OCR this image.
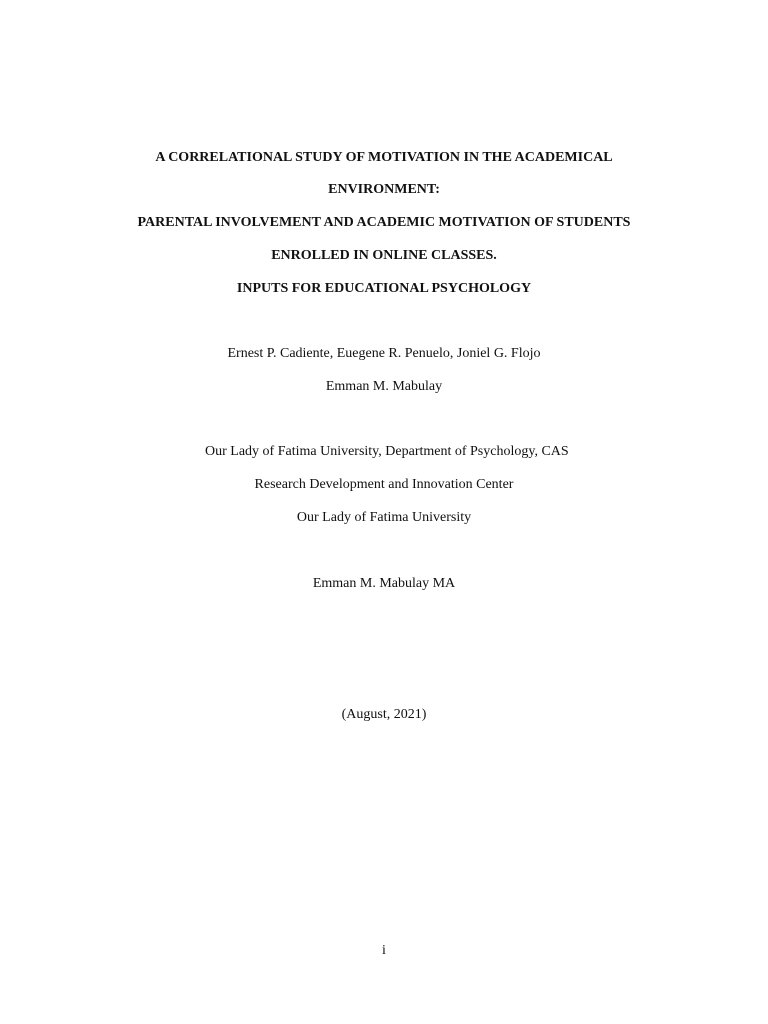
A CORRELATIONAL STUDY OF MOTIVATION IN THE ACADEMICAL
ENVIRONMENT:
PARENTAL INVOLVEMENT AND ACADEMIC MOTIVATION OF STUDENTS
ENROLLED IN ONLINE CLASSES.
INPUTS FOR EDUCATIONAL PSYCHOLOGY
Ernest P. Cadiente, Euegene R. Penuelo, Joniel G. Flojo
Emman M. Mabulay
Our Lady of Fatima University, Department of Psychology, CAS
Research Development and Innovation Center
Our Lady of Fatima University
Emman M. Mabulay MA
(August, 2021)
i
